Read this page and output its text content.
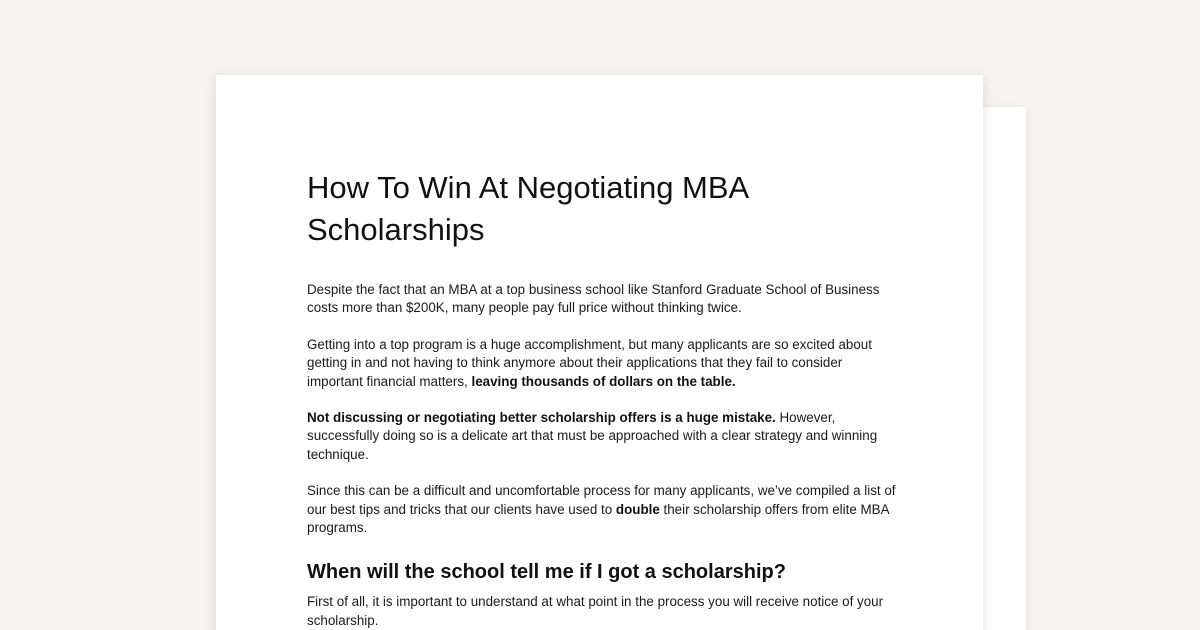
How To Win At Negotiating MBA Scholarships

Despite the fact that an MBA at a top business school like Stanford Graduate School of Business costs more than $200K, many people pay full price without thinking twice.

Getting into a top program is a huge accomplishment, but many applicants are so excited about getting in and not having to think anymore about their applications that they fail to consider important financial matters, leaving thousands of dollars on the table.

Not discussing or negotiating better scholarship offers is a huge mistake. However, successfully doing so is a delicate art that must be approached with a clear strategy and winning technique.

Since this can be a difficult and uncomfortable process for many applicants, we’ve compiled a list of our best tips and tricks that our clients have used to double their scholarship offers from elite MBA programs.

When will the school tell me if I got a scholarship?

First of all, it is important to understand at what point in the process you will receive notice of your scholarship.
